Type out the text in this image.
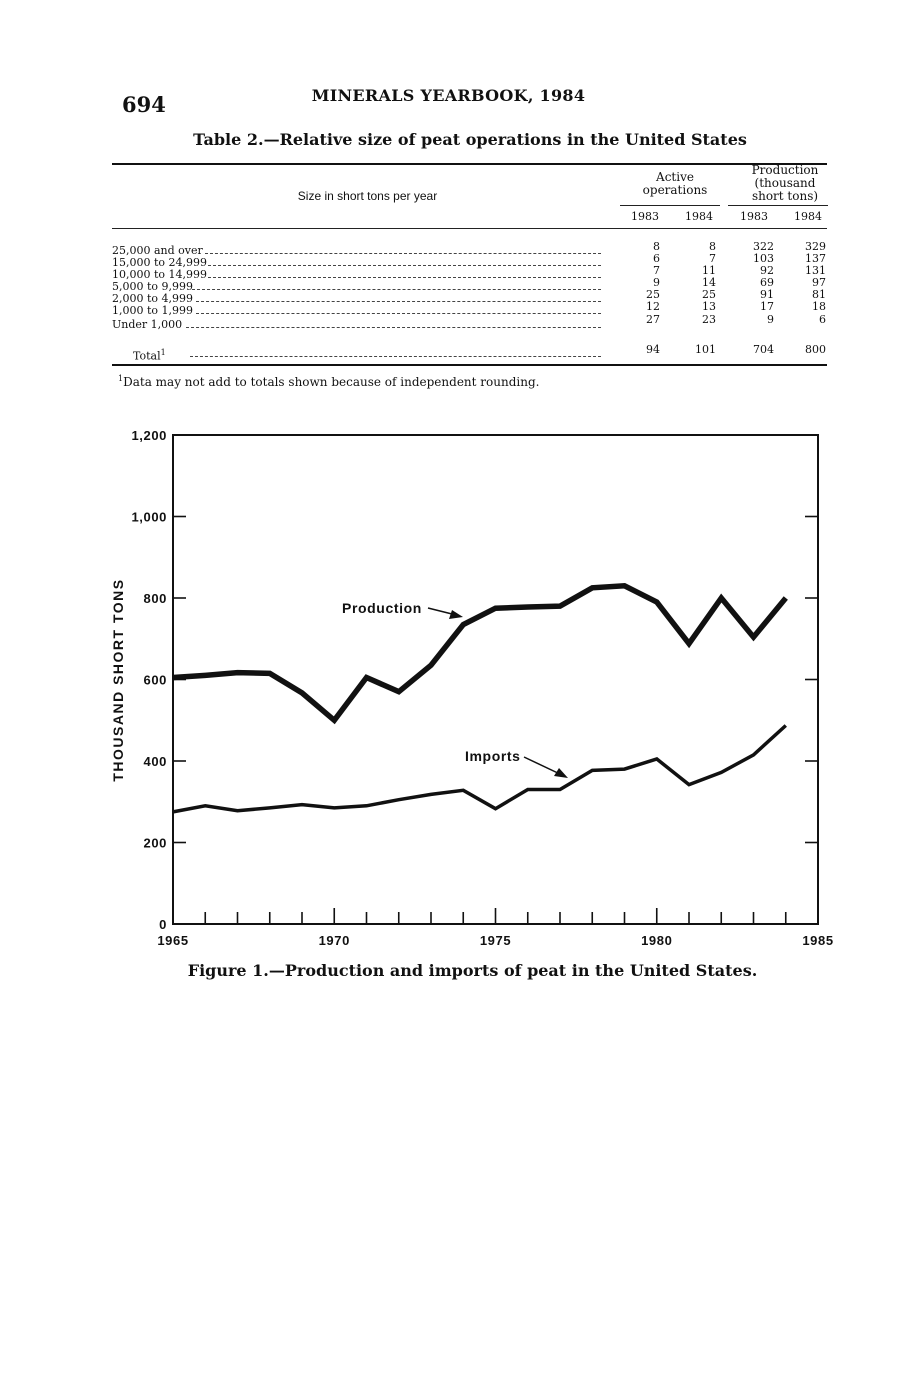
694	MINERALS YEARBOOK, 1984
Table 2.—Relative size of peat operations in the United States
Size in short tons per year
Active
operations
Production
(thousand
short tons)
1983	1984	1983	1984
25,000 and over	8	8	322	329
15,000 to 24,999	6	7	103	137
10,000 to 14,999	7	11	92	131
5,000 to 9,999	9	14	69	97
2,000 to 4,999	25	25	91	81
1,000 to 1,999	12	13	17	18
Under 1,000	27	23	9	6
Total$^1$	94	101	704	800
$^1$Data may not add to totals shown because of independent rounding.
0
200
400
600
800
1,000
1,200
1965	1970	1975	1980	1985
THOUSAND SHORT TONS	Production
Imports
Figure 1.—Production and imports of peat in the United States.
